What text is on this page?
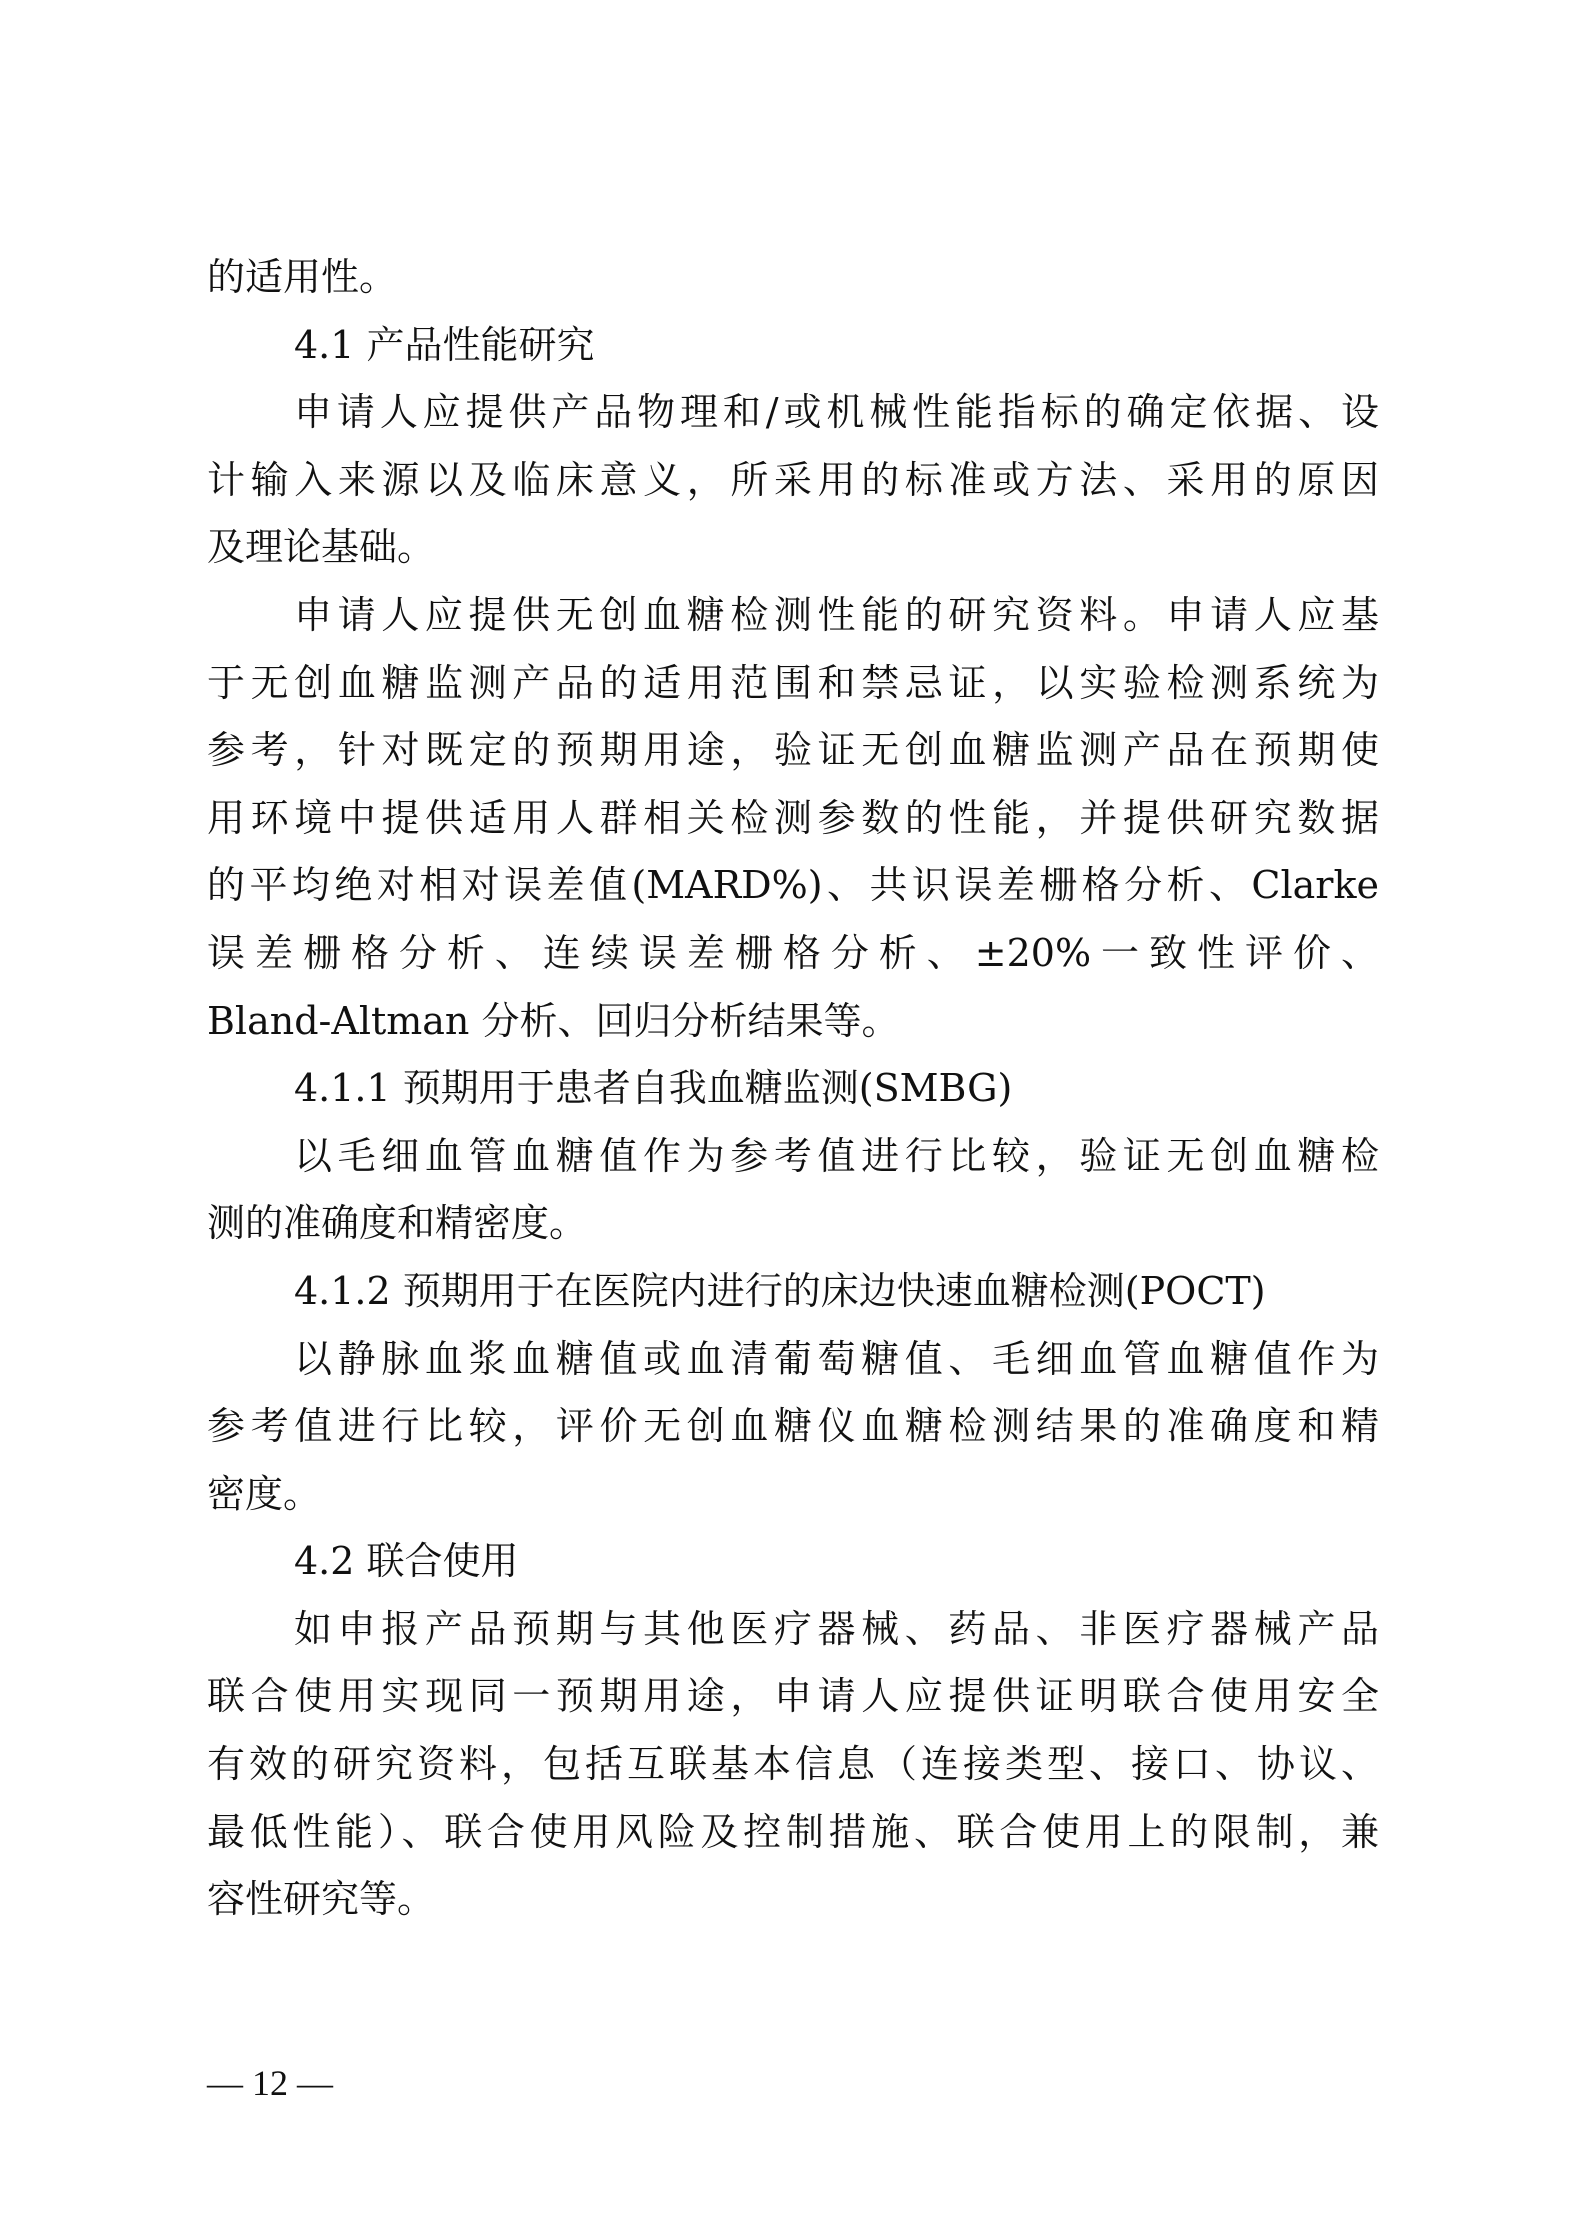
的适用性。
4.1 产品性能研究
申请人应提供产品物理和/或机械性能指标的确定依据、设
计输入来源以及临床意义，所采用的标准或方法、采用的原因
及理论基础。
申请人应提供无创血糖检测性能的研究资料。申请人应基
于无创血糖监测产品的适用范围和禁忌证，以实验检测系统为
参考，针对既定的预期用途，验证无创血糖监测产品在预期使
用环境中提供适用人群相关检测参数的性能，并提供研究数据
的平均绝对相对误差值(MARD%)、共识误差栅格分析、Clarke
误差栅格分析、连续误差栅格分析、±20%一致性评价、
Bland-Altman 分析、回归分析结果等。
4.1.1 预期用于患者自我血糖监测(SMBG)
以毛细血管血糖值作为参考值进行比较，验证无创血糖检
测的准确度和精密度。
4.1.2 预期用于在医院内进行的床边快速血糖检测(POCT)
以静脉血浆血糖值或血清葡萄糖值、毛细血管血糖值作为
参考值进行比较，评价无创血糖仪血糖检测结果的准确度和精
密度。
4.2 联合使用
如申报产品预期与其他医疗器械、药品、非医疗器械产品
联合使用实现同一预期用途，申请人应提供证明联合使用安全
有效的研究资料，包括互联基本信息（连接类型、接口、协议、
最低性能）、联合使用风险及控制措施、联合使用上的限制，兼
容性研究等。
— 12 —
